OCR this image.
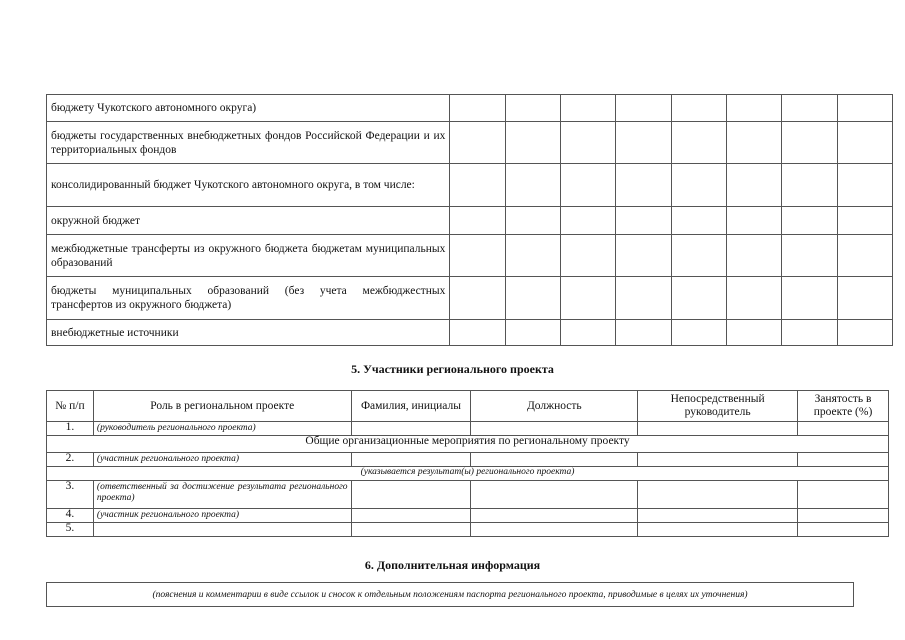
бюджету Чукотского автономного округа)								
бюджеты государственных внебюджетных фондов Российской Федерации и их территориальных фондов								
консолидированный бюджет Чукотского автономного округа, в том числе:								
окружной бюджет								
межбюджетные трансферты из окружного бюджета бюджетам муниципальных образований								
бюджеты муниципальных образований (без учета межбюджестных трансфертов из окружного бюджета)								
внебюджетные источники								
5. Участники регионального проекта
№ п/п	Роль в региональном проекте	Фамилия, инициалы	Должность	Непосредственный руководитель	Занятость в проекте (%)
1.	(руководитель регионального проекта)				
Общие организационные мероприятия по региональному проекту					
2.	(участник регионального проекта)				
(указывается результат(ы) регионального проекта)					
3.	(ответственный за достижение результата регионального проекта)				
4.	(участник регионального проекта)				
5.					
6. Дополнительная информация
(пояснения и комментарии в виде ссылок и сносок к отдельным положениям паспорта регионального проекта, приводимые в целях их уточнения)
